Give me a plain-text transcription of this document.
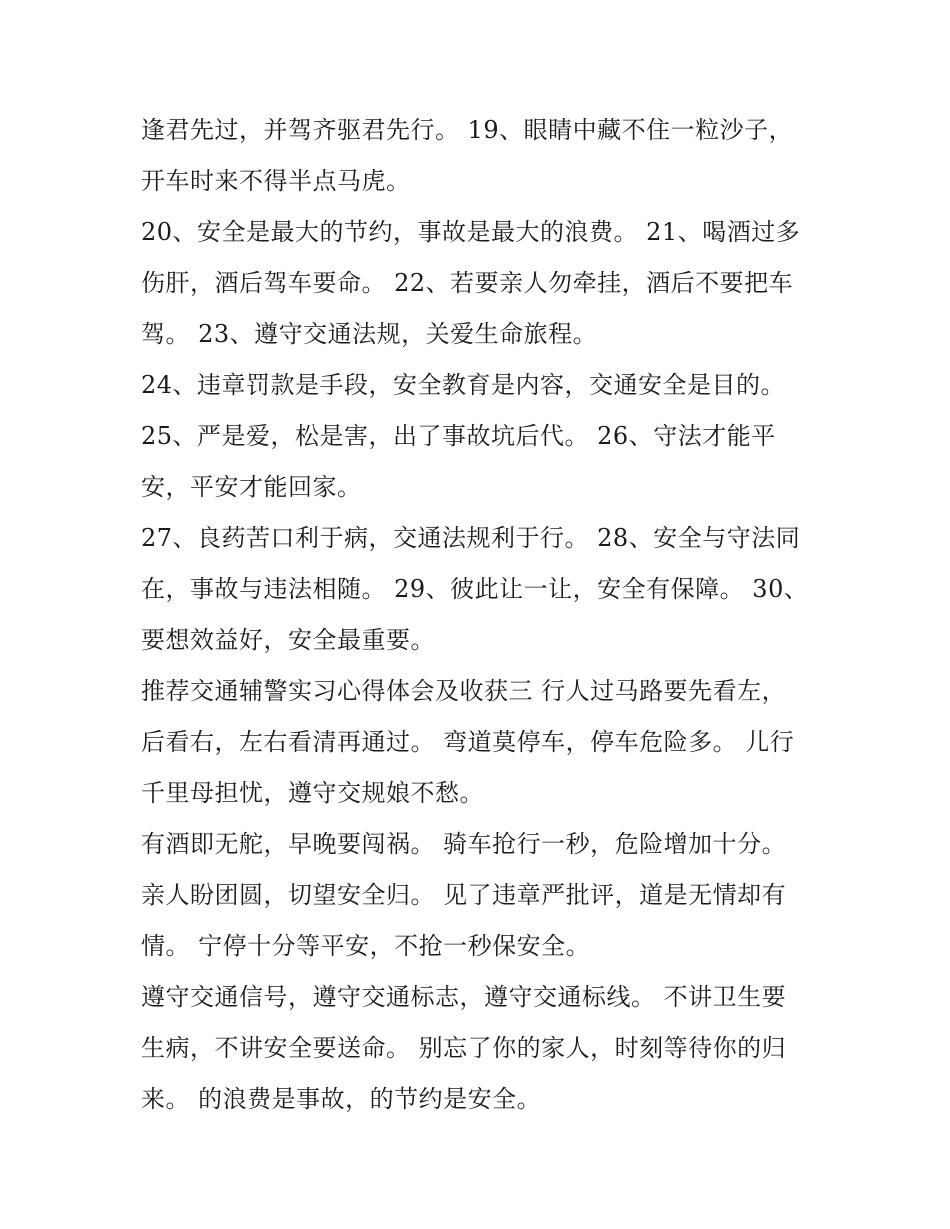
逢君先过，并驾齐驱君先行。 19、眼睛中藏不住一粒沙子，
开车时来不得半点马虎。
20、安全是最大的节约，事故是最大的浪费。 21、喝酒过多
伤肝，酒后驾车要命。 22、若要亲人勿牵挂，酒后不要把车
驾。 23、遵守交通法规，关爱生命旅程。
24、违章罚款是手段，安全教育是内容，交通安全是目的。
25、严是爱，松是害，出了事故坑后代。 26、守法才能平
安，平安才能回家。
27、良药苦口利于病，交通法规利于行。 28、安全与守法同
在，事故与违法相随。 29、彼此让一让，安全有保障。 30、
要想效益好，安全最重要。
推荐交通辅警实习心得体会及收获三 行人过马路要先看左，
后看右，左右看清再通过。 弯道莫停车，停车危险多。 儿行
千里母担忧，遵守交规娘不愁。
有酒即无舵，早晚要闯祸。 骑车抢行一秒，危险增加十分。
亲人盼团圆，切望安全归。 见了违章严批评，道是无情却有
情。 宁停十分等平安，不抢一秒保安全。
遵守交通信号，遵守交通标志，遵守交通标线。 不讲卫生要
生病，不讲安全要送命。 别忘了你的家人，时刻等待你的归
来。 的浪费是事故，的节约是安全。
